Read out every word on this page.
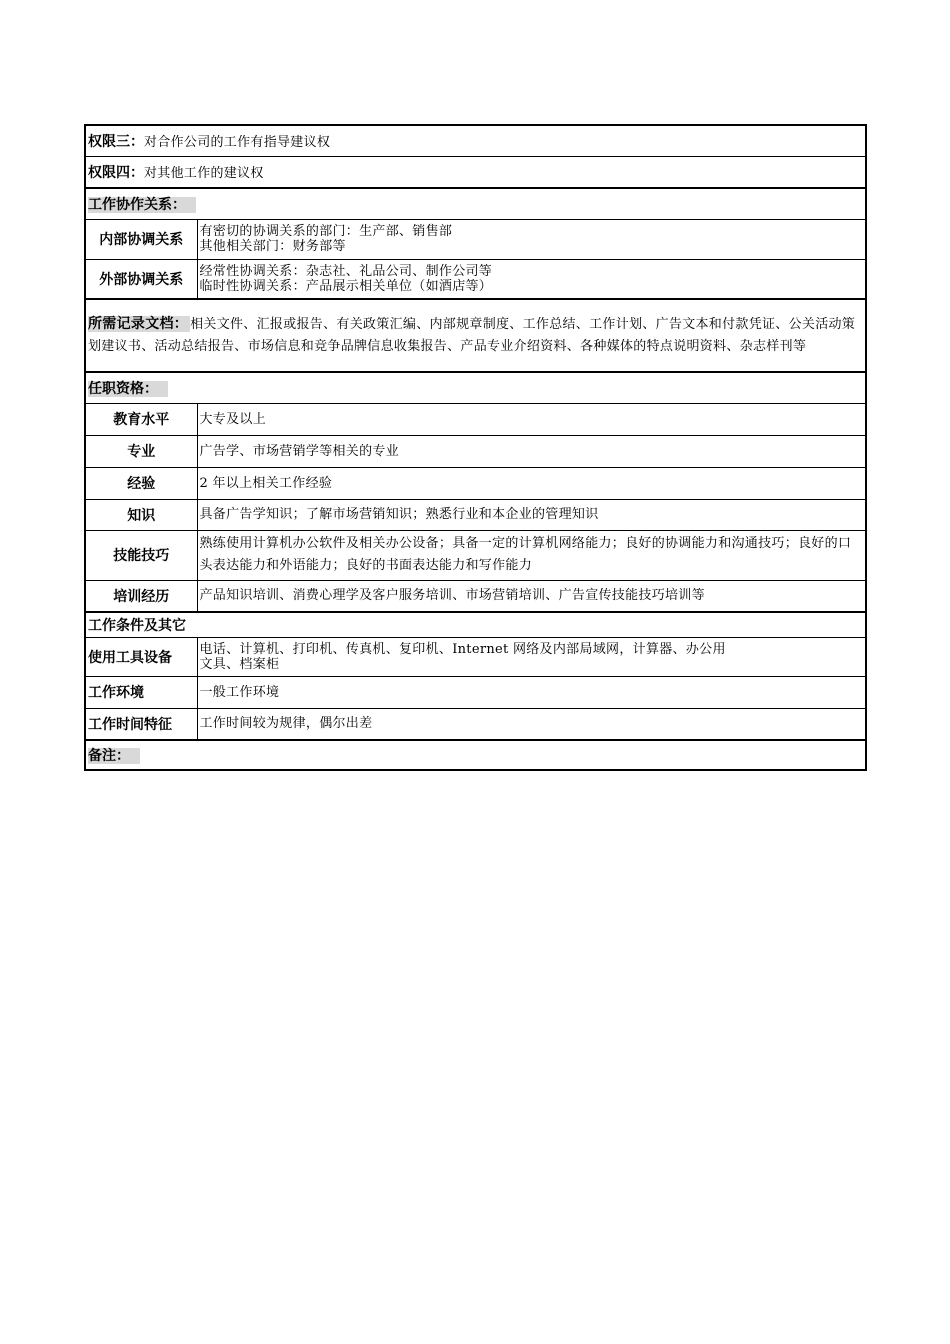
权限三：对合作公司的工作有指导建议权	
权限四：对其他工作的建议权	
工作协作关系：	
内部协调关系	有密切的协调关系的部门：生产部、销售部
其他相关部门：财务部等

外部协调关系	经常性协调关系：杂志社、礼品公司、制作公司等
临时性协调关系：产品展示相关单位（如酒店等）

所需记录文档： 相关文件、汇报或报告、有关政策汇编、内部规章制度、工作总结、工作计划、广告文本和付款凭证、公关活动策划建议书、活动总结报告、市场信息和竞争品牌信息收集报告、产品专业介绍资料、各种媒体的特点说明资料、杂志样刊等	
任职资格：	
教育水平	大专及以上
专业	广告学、市场营销学等相关的专业
经验	2 年以上相关工作经验
知识	具备广告学知识；了解市场营销知识；熟悉行业和本企业的管理知识
技能技巧	熟练使用计算机办公软件及相关办公设备；具备一定的计算机网络能力；良好的协调能力和沟通技巧；良好的口头表达能力和外语能力；良好的书面表达能力和写作能力
培训经历	产品知识培训、消费心理学及客户服务培训、市场营销培训、广告宣传技能技巧培训等
工作条件及其它	
使用工具设备	电话、计算机、打印机、传真机、复印机、Internet 网络及内部局域网，计算器、办公用
文具、档案柜

工作环境	一般工作环境
工作时间特征	工作时间较为规律，偶尔出差
备注：	
